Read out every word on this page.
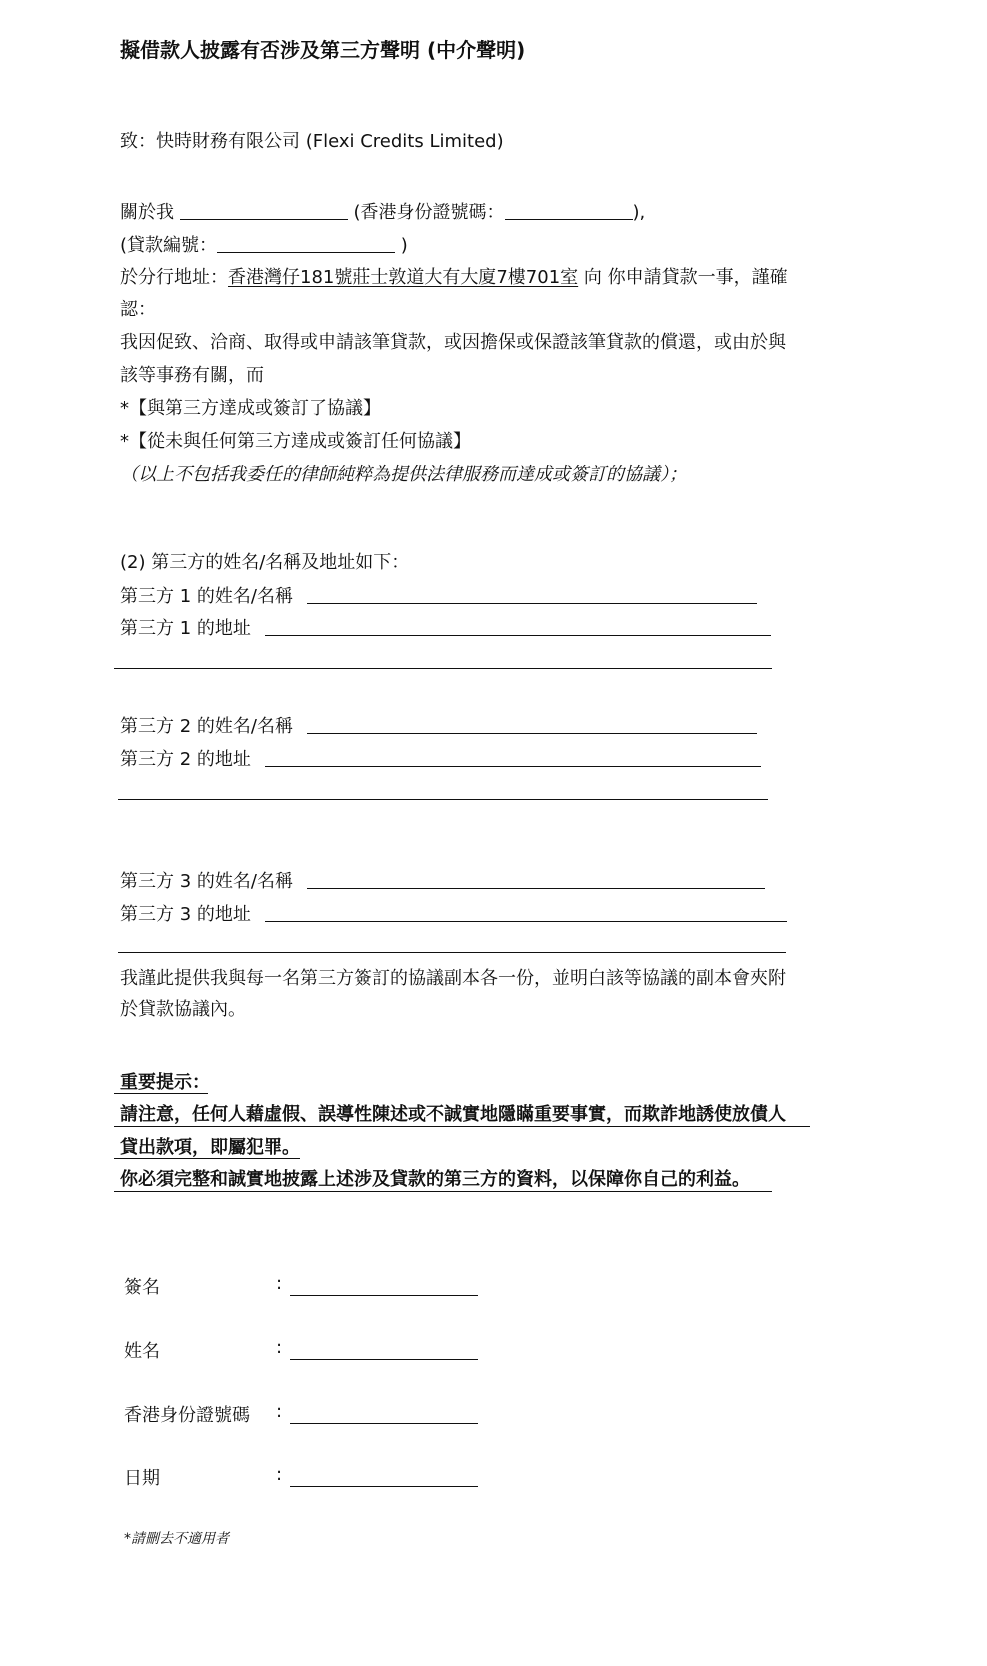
擬借款人披露有否涉及第三方聲明 (中介聲明)
致：快時財務有限公司 (Flexi Credits Limited)
關於我	(香港身份證號碼：	),
(貸款編號：	)
於分行地址：香港灣仔181號莊士敦道大有大廈7樓701室 向 你申請貸款一事，謹確
認：
我因促致、洽商、取得或申請該筆貸款，或因擔保或保證該筆貸款的償還，或由於與
該等事務有關，而
*【與第三方達成或簽訂了協議】
*【從未與任何第三方達成或簽訂任何協議】
（以上不包括我委任的律師純粹為提供法律服務而達成或簽訂的協議）；
(2) 第三方的姓名/名稱及地址如下：
第三方 1 的姓名/名稱
第三方 1 的地址
第三方 2 的姓名/名稱
第三方 2 的地址
第三方 3 的姓名/名稱
第三方 3 的地址
我謹此提供我與每一名第三方簽訂的協議副本各一份，並明白該等協議的副本會夾附
於貸款協議內。
重要提示：
請注意，任何人藉虛假、誤導性陳述或不誠實地隱瞞重要事實，而欺詐地誘使放債人
貸出款項，即屬犯罪。
你必須完整和誠實地披露上述涉及貸款的第三方的資料，以保障你自己的利益。
簽名	:
姓名	:
香港身份證號碼 :
日期	:
*請刪去不適用者
